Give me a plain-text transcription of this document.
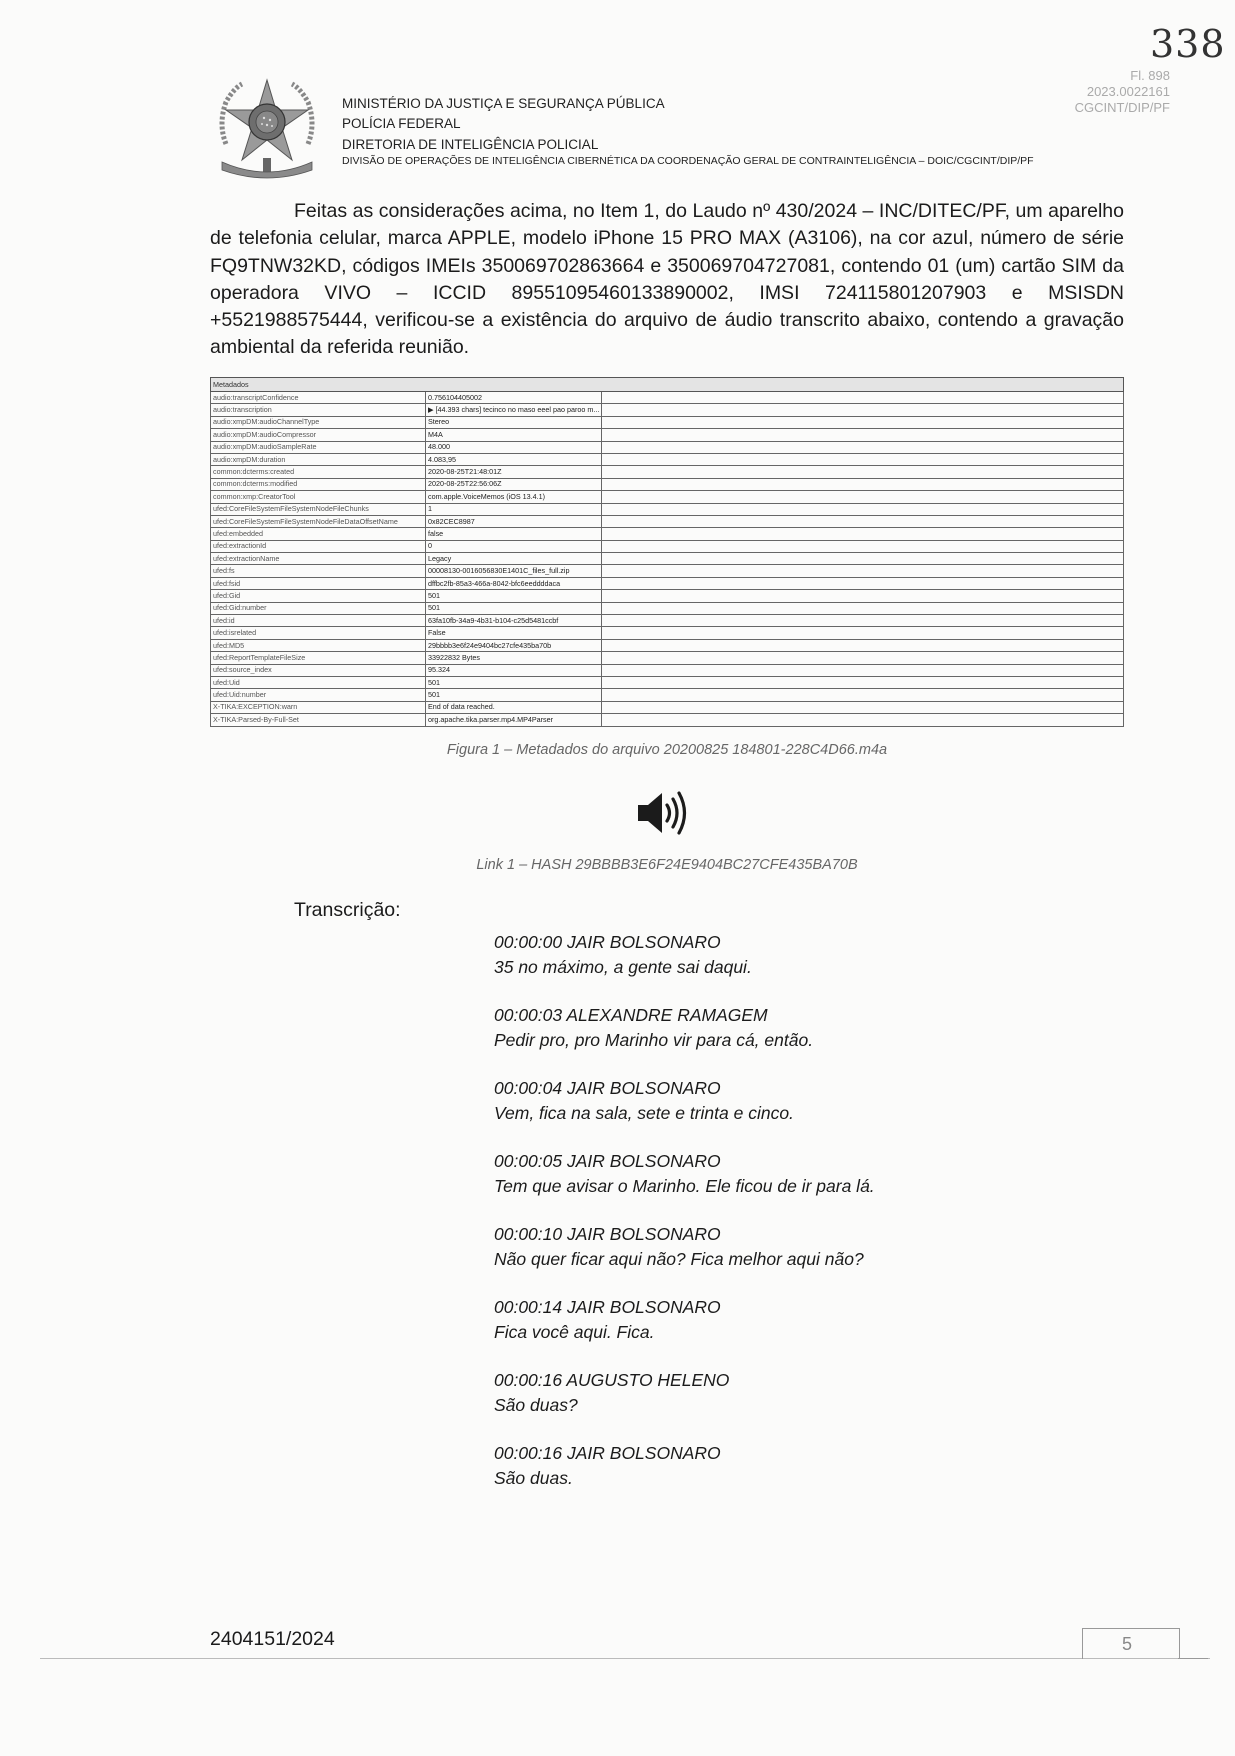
338
Fl. 898
2023.0022161
CGCINT/DIP/PF
MINISTÉRIO DA JUSTIÇA E SEGURANÇA PÚBLICA
POLÍCIA FEDERAL
DIRETORIA DE INTELIGÊNCIA POLICIAL
DIVISÃO DE OPERAÇÕES DE INTELIGÊNCIA CIBERNÉTICA DA COORDENAÇÃO GERAL DE CONTRAINTELIGÊNCIA – DOIC/CGCINT/DIP/PF
Feitas as considerações acima, no Item 1, do Laudo nº 430/2024 – INC/DITEC/PF, um aparelho de telefonia celular, marca APPLE, modelo iPhone 15 PRO MAX (A3106), na cor azul, número de série FQ9TNW32KD, códigos IMEIs 350069702863664 e 350069704727081, contendo 01 (um) cartão SIM da operadora VIVO – ICCID 89551095460133890002, IMSI 724115801207903 e MSISDN +5521988575444, verificou-se a existência do arquivo de áudio transcrito abaixo, contendo a gravação ambiental da referida reunião.
Metadados		
audio:transcriptConfidence	0.756104405002	
audio:transcription	▶ [44.393 chars] tecinco no maso eeel pao paroo m...	
audio:xmpDM:audioChannelType	Stereo	
audio:xmpDM:audioCompressor	M4A	
audio:xmpDM:audioSampleRate	48.000	
audio:xmpDM:duration	4.083,95	
common:dcterms:created	2020-08-25T21:48:01Z	
common:dcterms:modified	2020-08-25T22:56:06Z	
common:xmp:CreatorTool	com.apple.VoiceMemos (iOS 13.4.1)	
ufed:CoreFileSystemFileSystemNodeFileChunks	1	
ufed:CoreFileSystemFileSystemNodeFileDataOffsetName	0x82CEC8987	
ufed:embedded	false	
ufed:extractionId	0	
ufed:extractionName	Legacy	
ufed:fs	00008130-0016056830E1401C_files_full.zip	
ufed:fsid	dffbc2fb-85a3-466a-8042-bfc6eeddddaca	
ufed:Gid	501	
ufed:Gid:number	501	
ufed:id	63fa10fb-34a9-4b31-b104-c25d5481ccbf	
ufed:isrelated	False	
ufed:MD5	29bbbb3e6f24e9404bc27cfe435ba70b	
ufed:ReportTemplateFileSize	33922832 Bytes	
ufed:source_index	95.324	
ufed:Uid	501	
ufed:Uid:number	501	
X-TIKA:EXCEPTION:warn	End of data reached.	
X-TIKA:Parsed-By-Full-Set	org.apache.tika.parser.mp4.MP4Parser	
Figura 1 – Metadados do arquivo 20200825 184801-228C4D66.m4a
Link 1 – HASH 29BBBB3E6F24E9404BC27CFE435BA70B
Transcrição:
00:00:00 JAIR BOLSONARO
35 no máximo, a gente sai daqui.
00:00:03 ALEXANDRE RAMAGEM
Pedir pro, pro Marinho vir para cá, então.
00:00:04 JAIR BOLSONARO
Vem, fica na sala, sete e trinta e cinco.
00:00:05 JAIR BOLSONARO
Tem que avisar o Marinho. Ele ficou de ir para lá.
00:00:10 JAIR BOLSONARO
Não quer ficar aqui não? Fica melhor aqui não?
00:00:14 JAIR BOLSONARO
Fica você aqui. Fica.
00:00:16 AUGUSTO HELENO
São duas?
00:00:16 JAIR BOLSONARO
São duas.
2404151/2024	5
